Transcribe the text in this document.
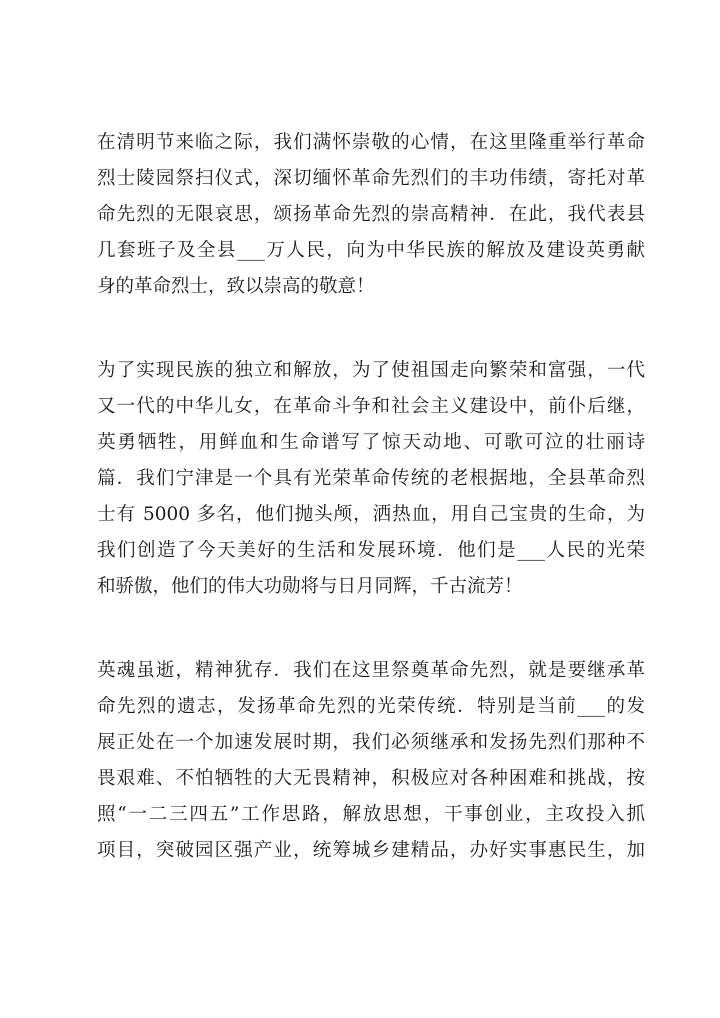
在清明节来临之际，我们满怀崇敬的心情，在这里隆重举行革命
烈士陵园祭扫仪式，深切缅怀革命先烈们的丰功伟绩，寄托对革
命先烈的无限哀思，颂扬革命先烈的崇高精神．在此，我代表县
几套班子及全县___万人民，向为中华民族的解放及建设英勇献
身的革命烈士，致以崇高的敬意！
为了实现民族的独立和解放，为了使祖国走向繁荣和富强，一代
又一代的中华儿女，在革命斗争和社会主义建设中，前仆后继，
英勇牺牲，用鲜血和生命谱写了惊天动地、可歌可泣的壮丽诗
篇．我们宁津是一个具有光荣革命传统的老根据地，全县革命烈
士有 5000 多名，他们抛头颅，洒热血，用自己宝贵的生命，为
我们创造了今天美好的生活和发展环境．他们是___人民的光荣
和骄傲，他们的伟大功勋将与日月同辉，千古流芳！
英魂虽逝，精神犹存．我们在这里祭奠革命先烈，就是要继承革
命先烈的遗志，发扬革命先烈的光荣传统．特别是当前___的发
展正处在一个加速发展时期，我们必须继承和发扬先烈们那种不
畏艰难、不怕牺牲的大无畏精神，积极应对各种困难和挑战，按
照“一二三四五”工作思路，解放思想，干事创业，主攻投入抓
项目，突破园区强产业，统筹城乡建精品，办好实事惠民生，加
